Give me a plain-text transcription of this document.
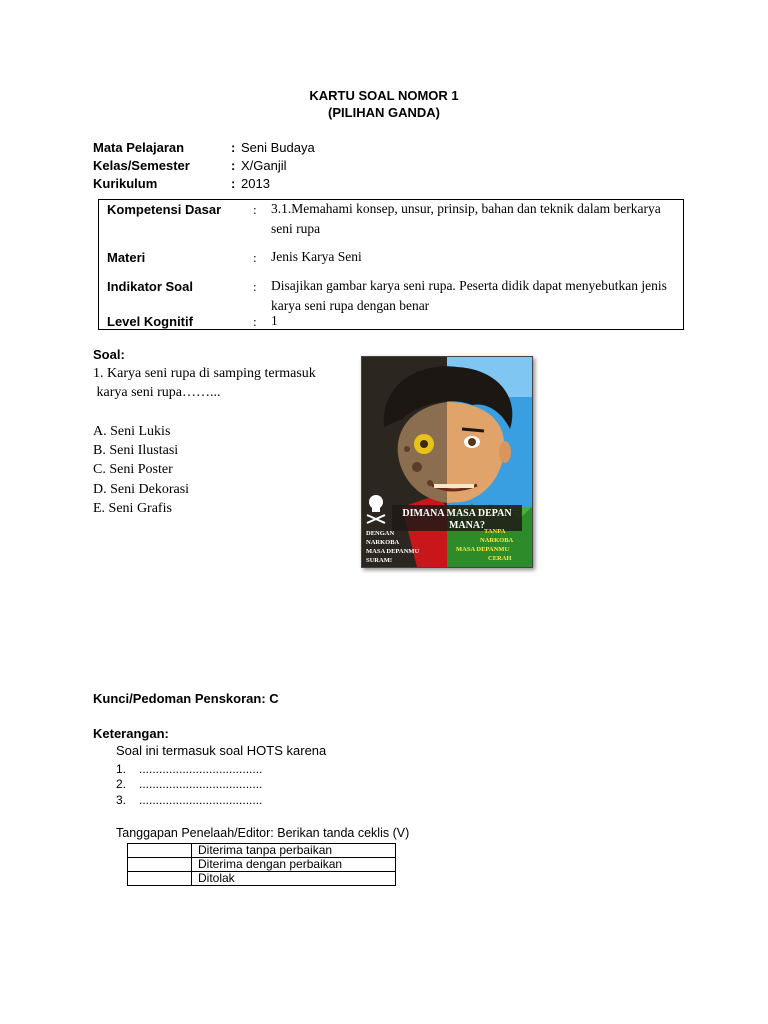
KARTU SOAL NOMOR 1
(PILIHAN GANDA)
Mata Pelajaran	: Seni Budaya
Kelas/Semester	: X/Ganjil
Kurikulum	: 2013
Kompetensi Dasar : 3.1.Memahami konsep, unsur, prinsip, bahan dan teknik dalam berkarya seni rupa
Materi	: Jenis Karya Seni
Indikator Soal	: Disajikan gambar karya seni rupa. Peserta didik dapat menyebutkan jenis karya seni rupa dengan benar
Level Kognitif	: 1
Soal:
1. Karya seni rupa di samping termasuk
karya seni rupa……...
A. Seni Lukis
B. Seni Ilustasi
C. Seni Poster
D. Seni Dekorasi
E. Seni Grafis	DIMANA MASA DEPAN
MANA?
DENGAN
NARKOBA
MASA DEPANMU
SURAM!
TANPA
NARKOBA
MASA DEPANMU
CERAH
Kunci/Pedoman Penskoran: C
Keterangan:
Soal ini termasuk soal HOTS karena
1. .....................................
2. .....................................
3. .....................................
Tanggapan Penelaah/Editor: Berikan tanda ceklis (V)
	Diterima tanpa perbaikan
	Diterima dengan perbaikan
	Ditolak
